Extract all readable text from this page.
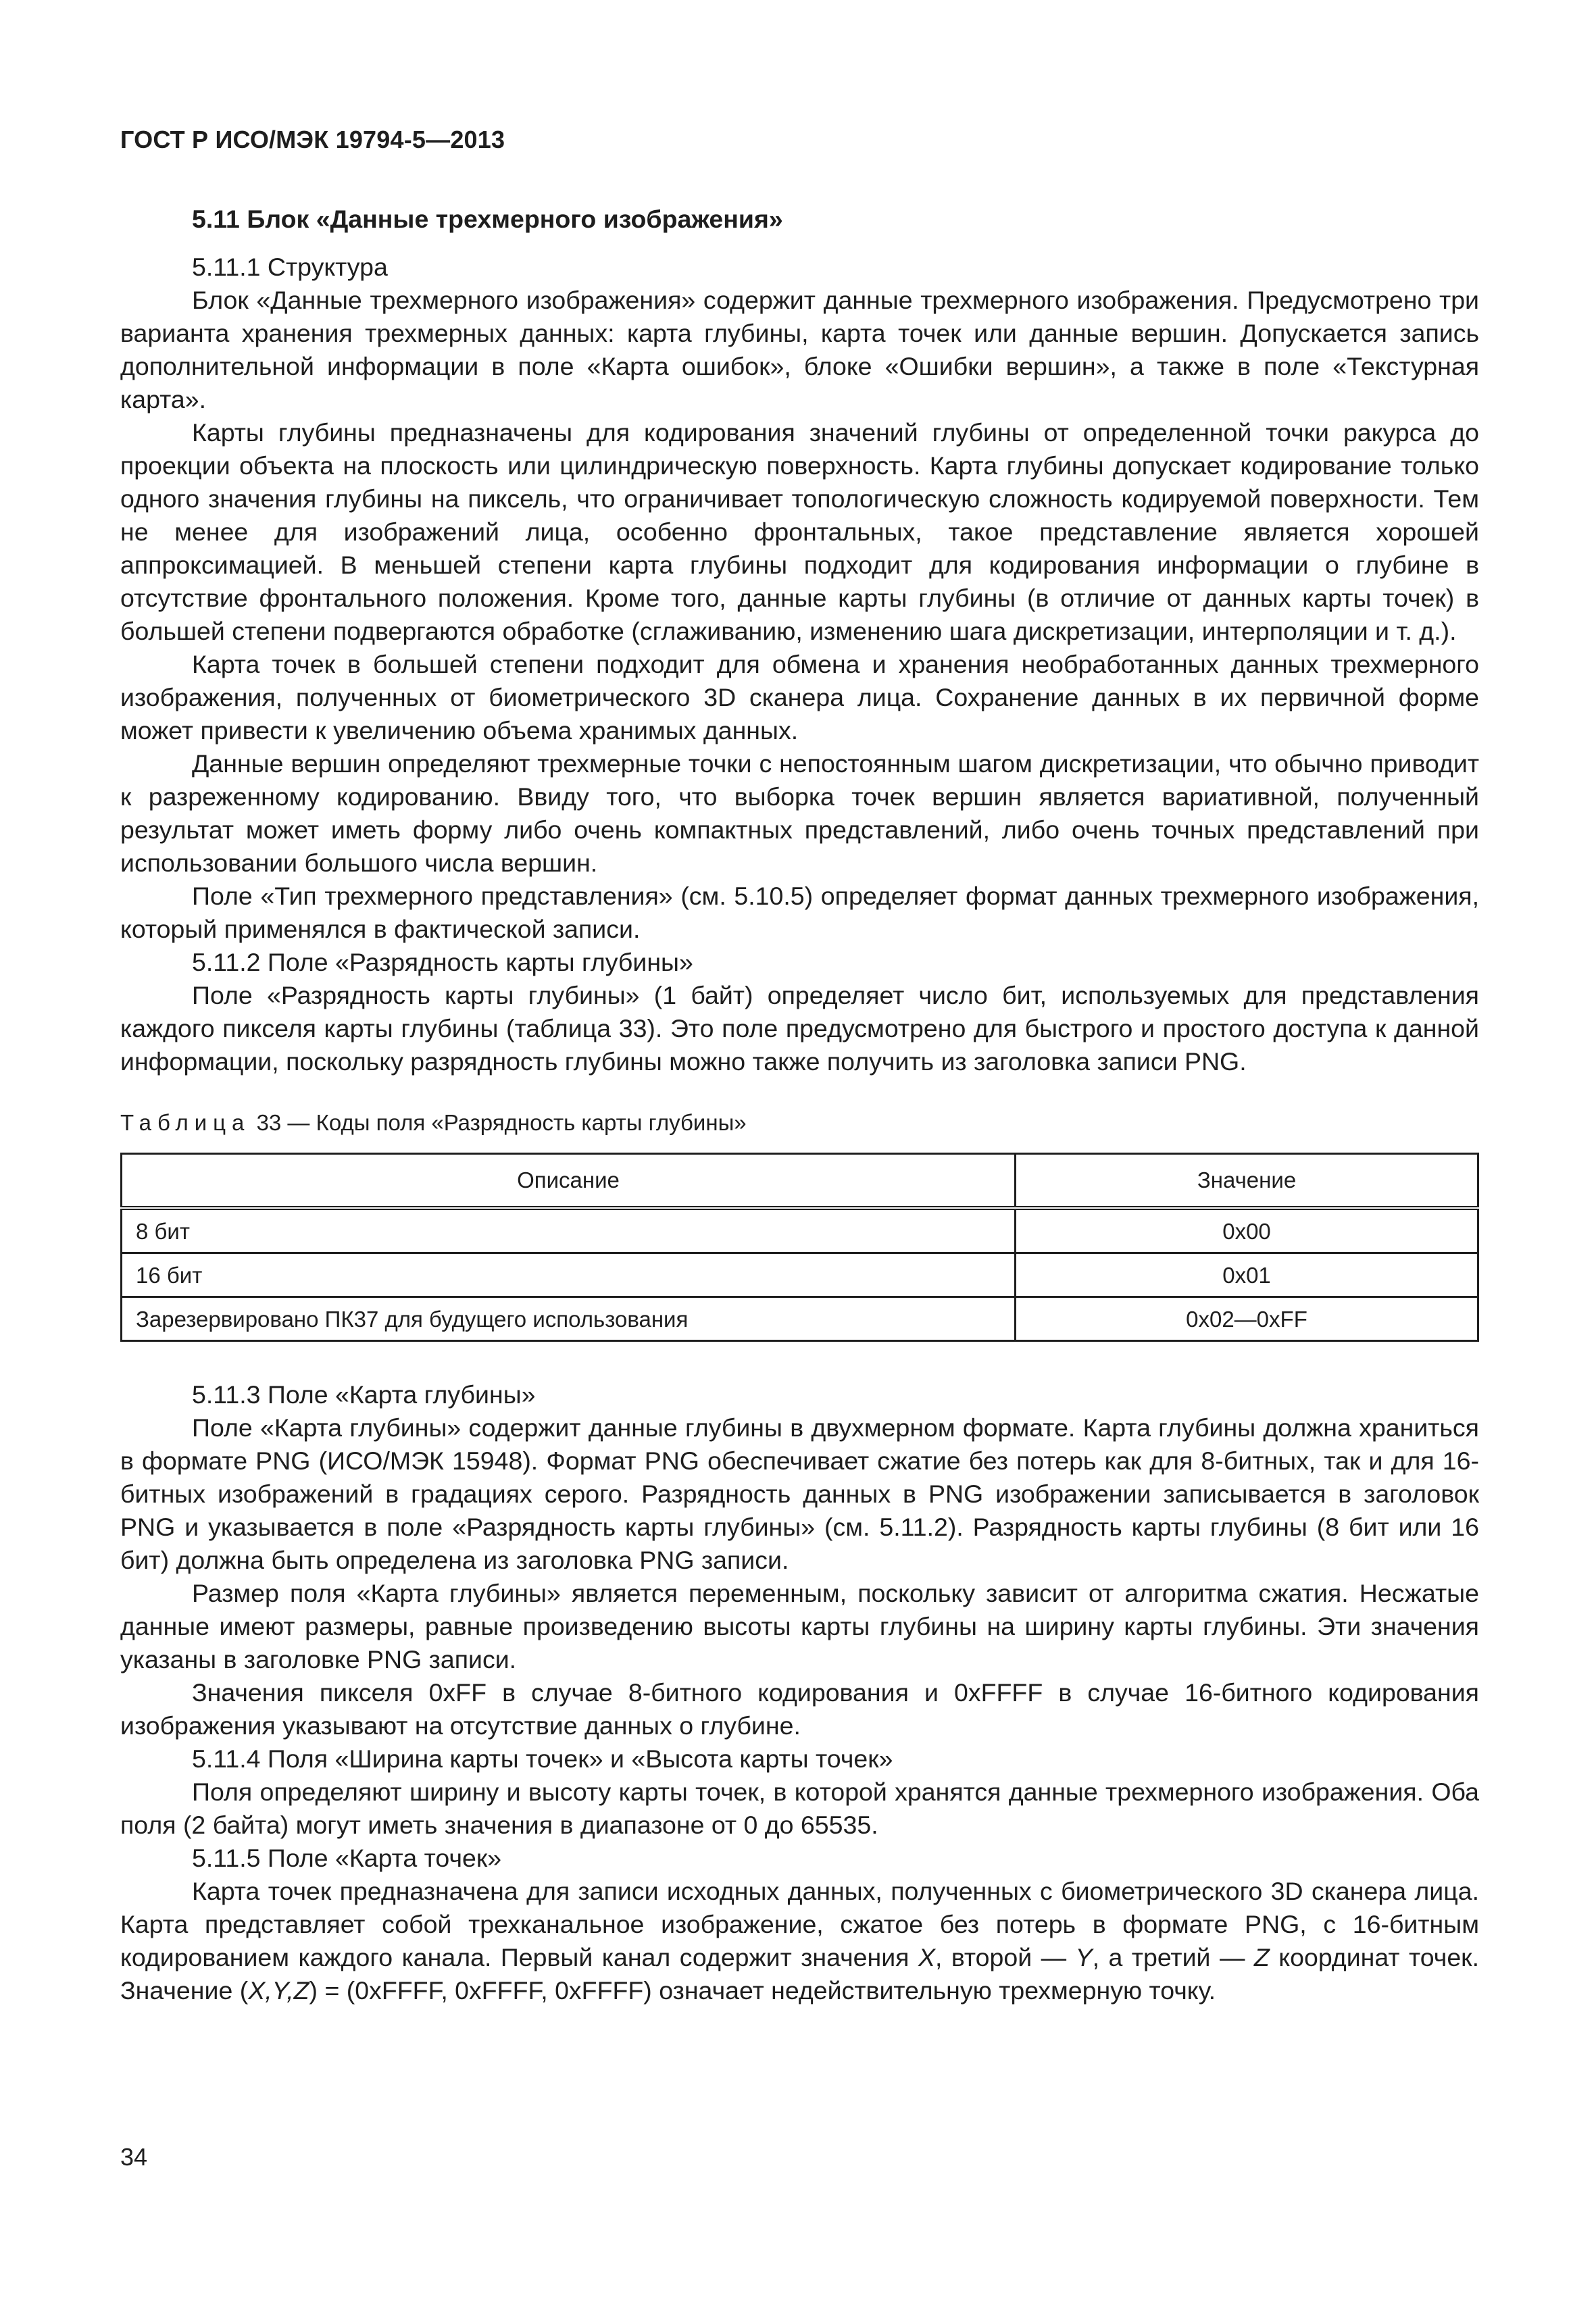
ГОСТ Р ИСО/МЭК 19794-5—2013
5.11 Блок «Данные трехмерного изображения»
5.11.1 Структура

Блок «Данные трехмерного изображения» содержит данные трехмерного изображения. Предусмотрено три варианта хранения трехмерных данных: карта глубины, карта точек или данные вершин. Допускается запись дополнительной информации в поле «Карта ошибок», блоке «Ошибки вершин», а также в поле «Текстурная карта».

Карты глубины предназначены для кодирования значений глубины от определенной точки ракурса до проекции объекта на плоскость или цилиндрическую поверхность. Карта глубины допускает кодирование только одного значения глубины на пиксель, что ограничивает топологическую сложность кодируемой поверхности. Тем не менее для изображений лица, особенно фронтальных, такое представление является хорошей аппроксимацией. В меньшей степени карта глубины подходит для кодирования информации о глубине в отсутствие фронтального положения. Кроме того, данные карты глубины (в отличие от данных карты точек) в большей степени подвергаются обработке (сглаживанию, изменению шага дискретизации, интерполяции и т. д.).

Карта точек в большей степени подходит для обмена и хранения необработанных данных трехмерного изображения, полученных от биометрического 3D сканера лица. Сохранение данных в их первичной форме может привести к увеличению объема хранимых данных.

Данные вершин определяют трехмерные точки с непостоянным шагом дискретизации, что обычно приводит к разреженному кодированию. Ввиду того, что выборка точек вершин является вариативной, полученный результат может иметь форму либо очень компактных представлений, либо очень точных представлений при использовании большого числа вершин.

Поле «Тип трехмерного представления» (см. 5.10.5) определяет формат данных трехмерного изображения, который применялся в фактической записи.

5.11.2 Поле «Разрядность карты глубины»

Поле «Разрядность карты глубины» (1 байт) определяет число бит, используемых для представления каждого пикселя карты глубины (таблица 33). Это поле предусмотрено для быстрого и простого доступа к данной информации, поскольку разрядность глубины можно также получить из заголовка записи PNG.

Таблица 33 — Коды поля «Разрядность карты глубины»
Описание	Значение
8 бит	0x00
16 бит	0x01
Зарезервировано ПК37 для будущего использования	0x02—0xFF
5.11.3 Поле «Карта глубины»

Поле «Карта глубины» содержит данные глубины в двухмерном формате. Карта глубины должна храниться в формате PNG (ИСО/МЭК 15948). Формат PNG обеспечивает сжатие без потерь как для 8-битных, так и для 16-битных изображений в градациях серого. Разрядность данных в PNG изображении записывается в заголовок PNG и указывается в поле «Разрядность карты глубины» (см. 5.11.2). Разрядность карты глубины (8 бит или 16 бит) должна быть определена из заголовка PNG записи.

Размер поля «Карта глубины» является переменным, поскольку зависит от алгоритма сжатия. Несжатые данные имеют размеры, равные произведению высоты карты глубины на ширину карты глубины. Эти значения указаны в заголовке PNG записи.

Значения пикселя 0xFF в случае 8-битного кодирования и 0xFFFF в случае 16-битного кодирования изображения указывают на отсутствие данных о глубине.

5.11.4 Поля «Ширина карты точек» и «Высота карты точек»

Поля определяют ширину и высоту карты точек, в которой хранятся данные трехмерного изображения. Оба поля (2 байта) могут иметь значения в диапазоне от 0 до 65535.

5.11.5 Поле «Карта точек»

Карта точек предназначена для записи исходных данных, полученных с биометрического 3D сканера лица. Карта представляет собой трехканальное изображение, сжатое без потерь в формате PNG, с 16-битным кодированием каждого канала. Первый канал содержит значения X, второй — Y, а третий — Z координат точек. Значение (X,Y,Z) = (0xFFFF, 0xFFFF, 0xFFFF) означает недействительную трехмерную точку.

34
